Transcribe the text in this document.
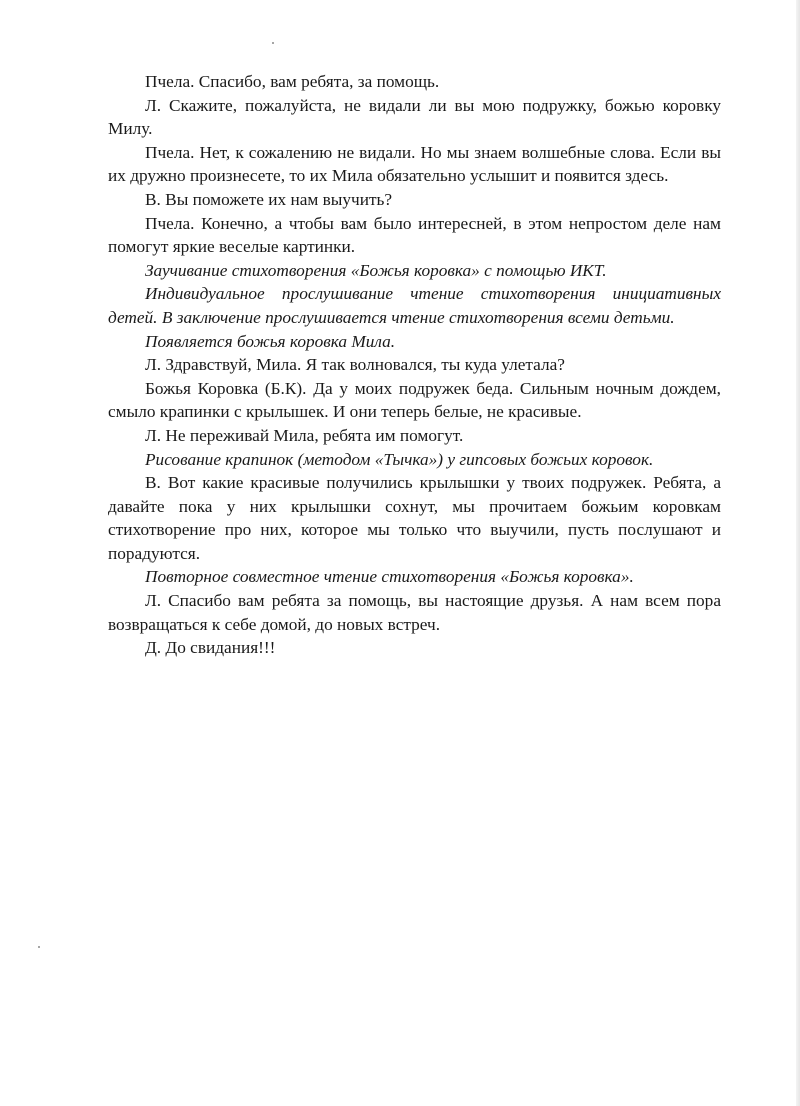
Пчела. Спасибо, вам ребята, за помощь.

Л. Скажите, пожалуйста, не видали ли вы мою подружку, божью коровку Милу.

Пчела. Нет, к сожалению не видали. Но мы знаем волшебные слова. Если вы их дружно произнесете, то их Мила обязательно услышит и появится здесь.

В. Вы поможете их нам выучить?

Пчела. Конечно, а чтобы вам было интересней, в этом непростом деле нам помогут яркие веселые картинки.

Заучивание стихотворения «Божья коровка» с помощью ИКТ.

Индивидуальное прослушивание чтение стихотворения инициативных детей. В заключение прослушивается чтение стихотворения всеми детьми.

Появляется божья коровка Мила.

Л. Здравствуй, Мила. Я так волновался, ты куда улетала?

Божья Коровка (Б.К). Да у моих подружек беда. Сильным ночным дождем, смыло крапинки с крылышек. И они теперь белые, не красивые.

Л. Не переживай Мила, ребята им помогут.

Рисование крапинок (методом «Тычка») у гипсовых божьих коровок.

В. Вот какие красивые получились крылышки у твоих подружек. Ребята, а давайте пока у них крылышки сохнут, мы прочитаем божьим коровкам стихотворение про них, которое мы только что выучили, пусть послушают и порадуются.

Повторное совместное чтение стихотворения «Божья коровка».

Л. Спасибо вам ребята за помощь, вы настоящие друзья. А нам всем пора возвращаться к себе домой, до новых встреч.

Д. До свидания!!!
